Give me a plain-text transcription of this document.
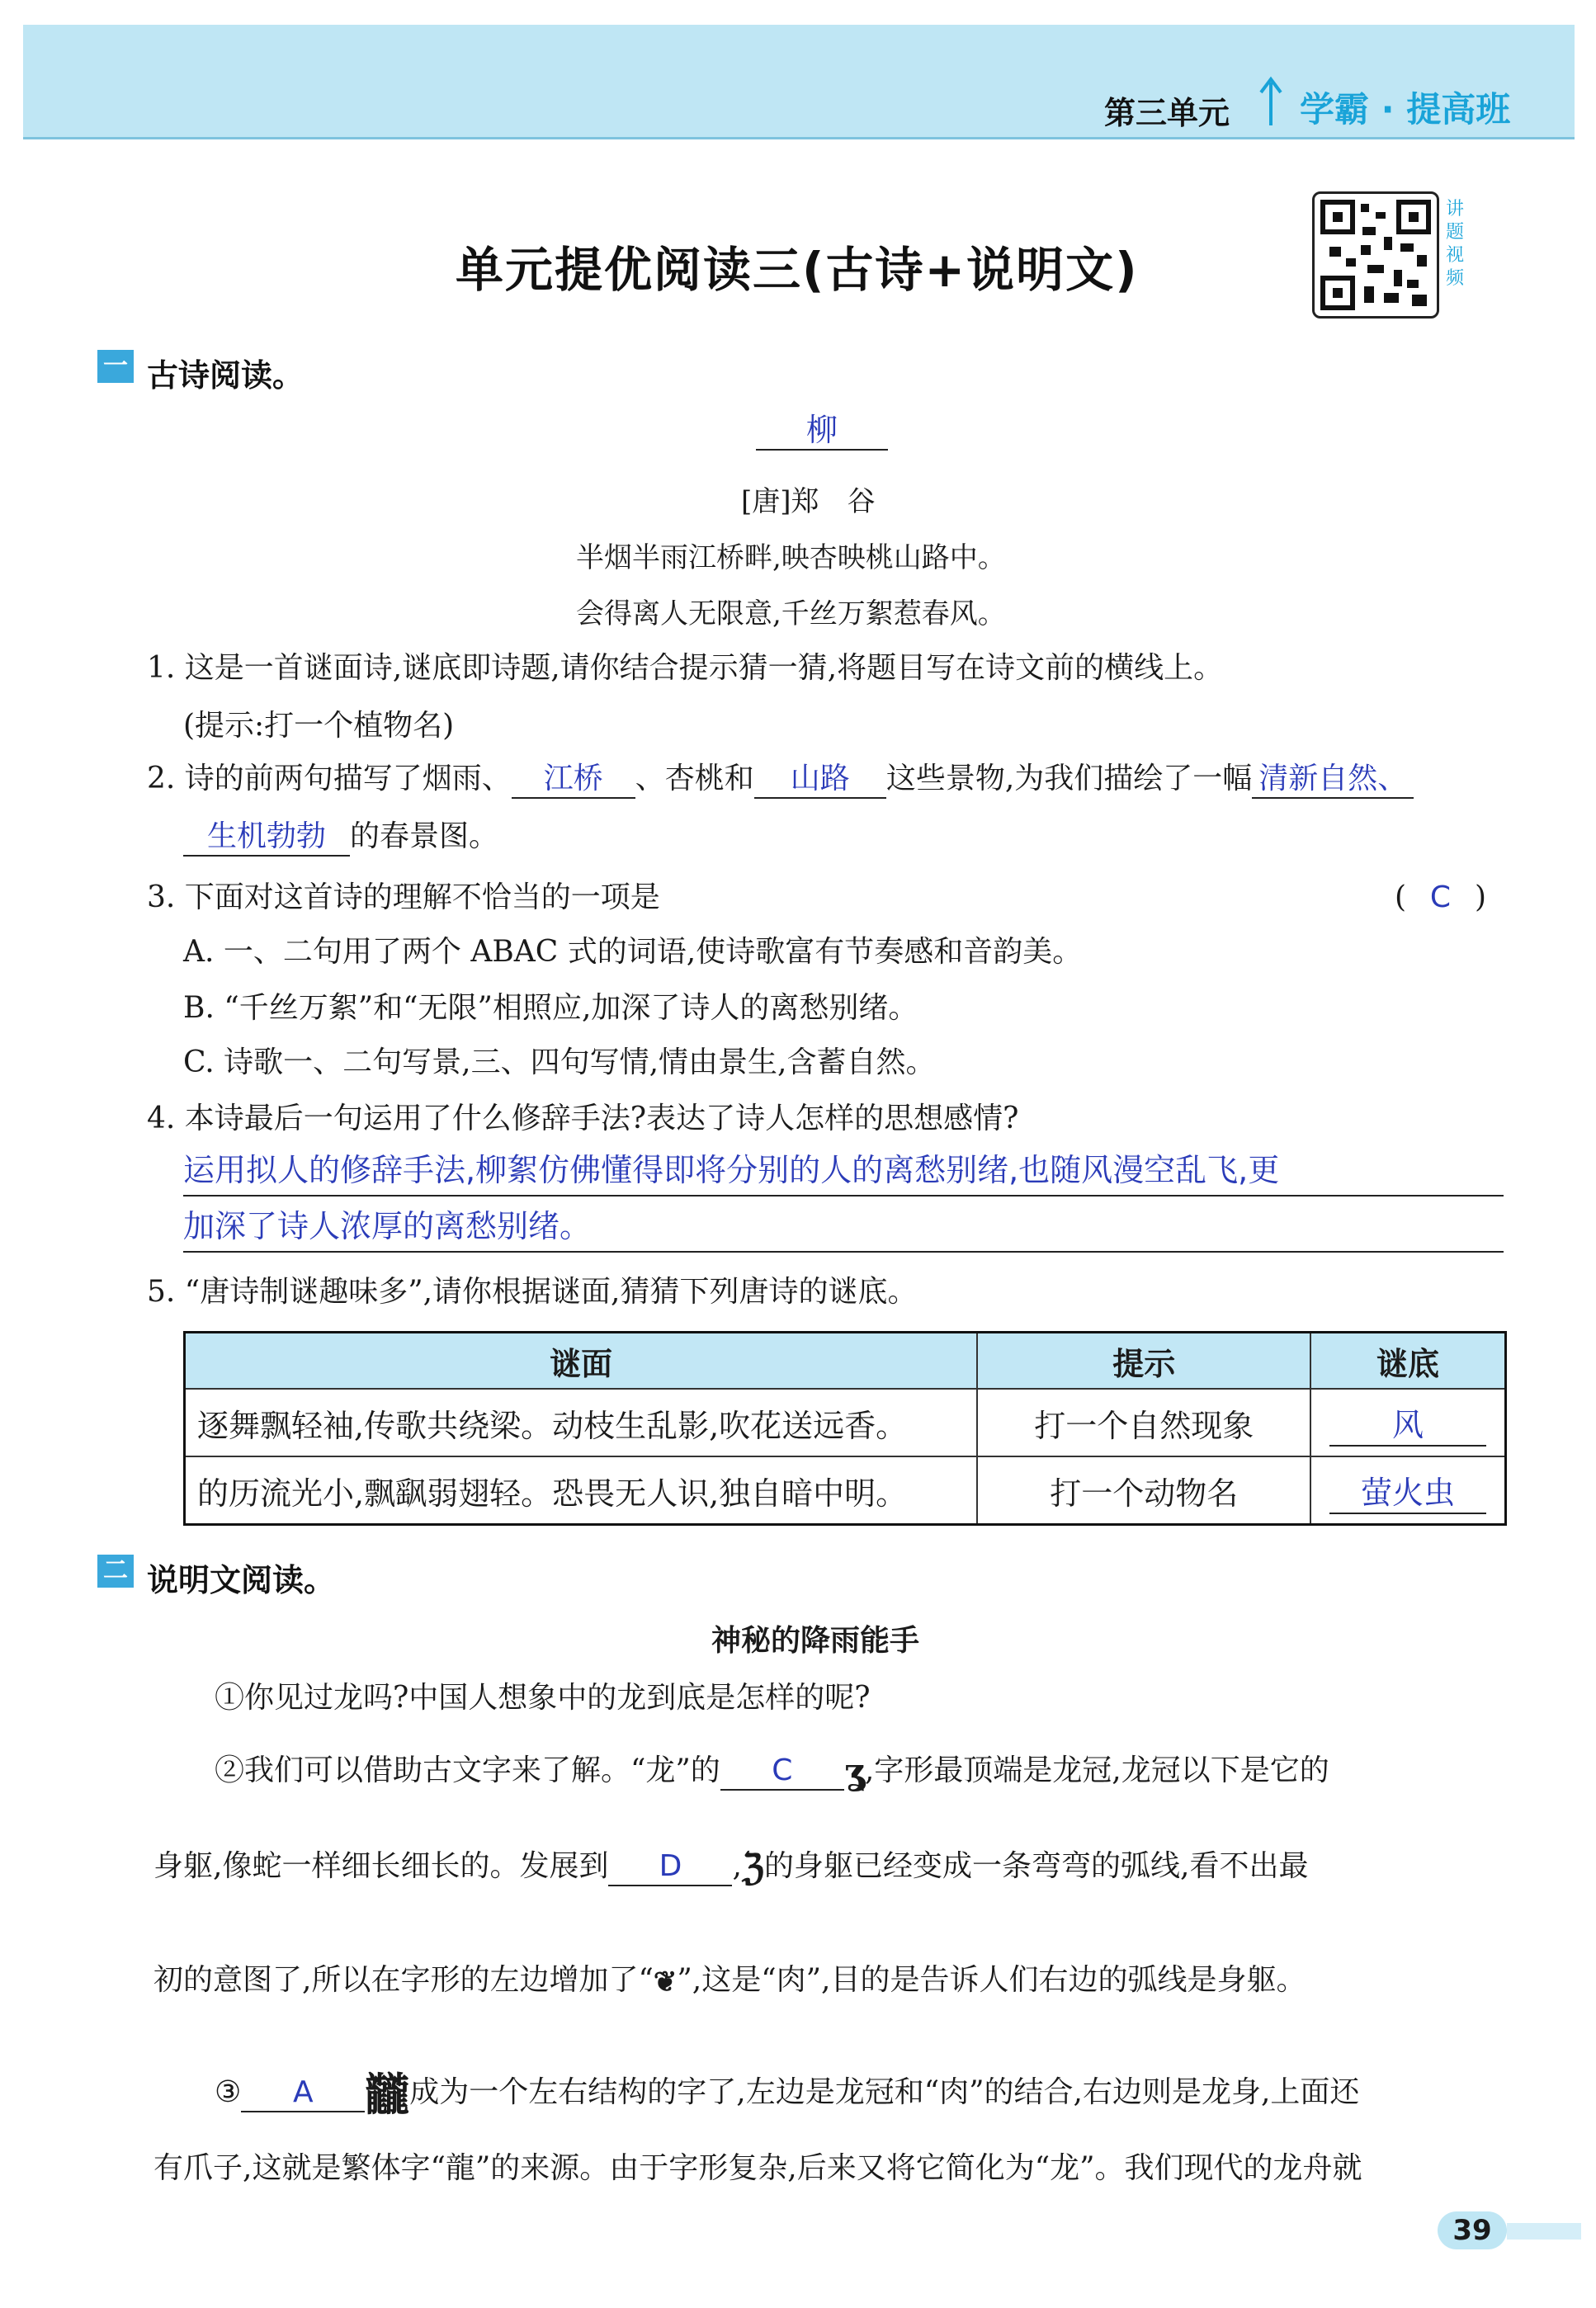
第三单元 学霸 · 提高班
单元提优阅读三(古诗+说明文)
讲题视频
一 古诗阅读。
柳
[唐]郑　谷
半烟半雨江桥畔,映杏映桃山路中。
会得离人无限意,千丝万絮惹春风。
1. 这是一首谜面诗,谜底即诗题,请你结合提示猜一猜,将题目写在诗文前的横线上。
(提示:打一个植物名)
2. 诗的前两句描写了烟雨、 江桥 、杏桃和 山路 这些景物,为我们描绘了一幅 清新自然、
生机勃勃 的春景图。
3. 下面对这首诗的理解不恰当的一项是	( C )
A. 一、二句用了两个 ABAC 式的词语,使诗歌富有节奏感和音韵美。
B. “千丝万絮”和“无限”相照应,加深了诗人的离愁别绪。
C. 诗歌一、二句写景,三、四句写情,情由景生,含蓄自然。
4. 本诗最后一句运用了什么修辞手法?表达了诗人怎样的思想感情?
运用拟人的修辞手法,柳絮仿佛懂得即将分别的人的离愁别绪,也随风漫空乱飞,更
加深了诗人浓厚的离愁别绪。
5. “唐诗制谜趣味多”,请你根据谜面,猜猜下列唐诗的谜底。
谜面	提示	谜底
逐舞飘轻袖,传歌共绕梁。动枝生乱影,吹花送远香。	打一个自然现象	风
的历流光小,飘飖弱翅轻。恐畏无人识,独自暗中明。	打一个动物名	萤火虫
二 说明文阅读。
神秘的降雨能手
①你见过龙吗?中国人想象中的龙到底是怎样的呢?
②我们可以借助古文字来了解。“龙”的 C ʓ,字形最顶端是龙冠,龙冠以下是它的
身躯,像蛇一样细长细长的。发展到 D ,ℨ的身躯已经变成一条弯弯的弧线,看不出最
初的意图了,所以在字形的左边增加了“❦”,这是“肉”,目的是告诉人们右边的弧线是身躯。
③ A 龖成为一个左右结构的字了,左边是龙冠和“肉”的结合,右边则是龙身,上面还
有爪子,这就是繁体字“龍”的来源。由于字形复杂,后来又将它简化为“龙”。我们现代的龙舟就
39
